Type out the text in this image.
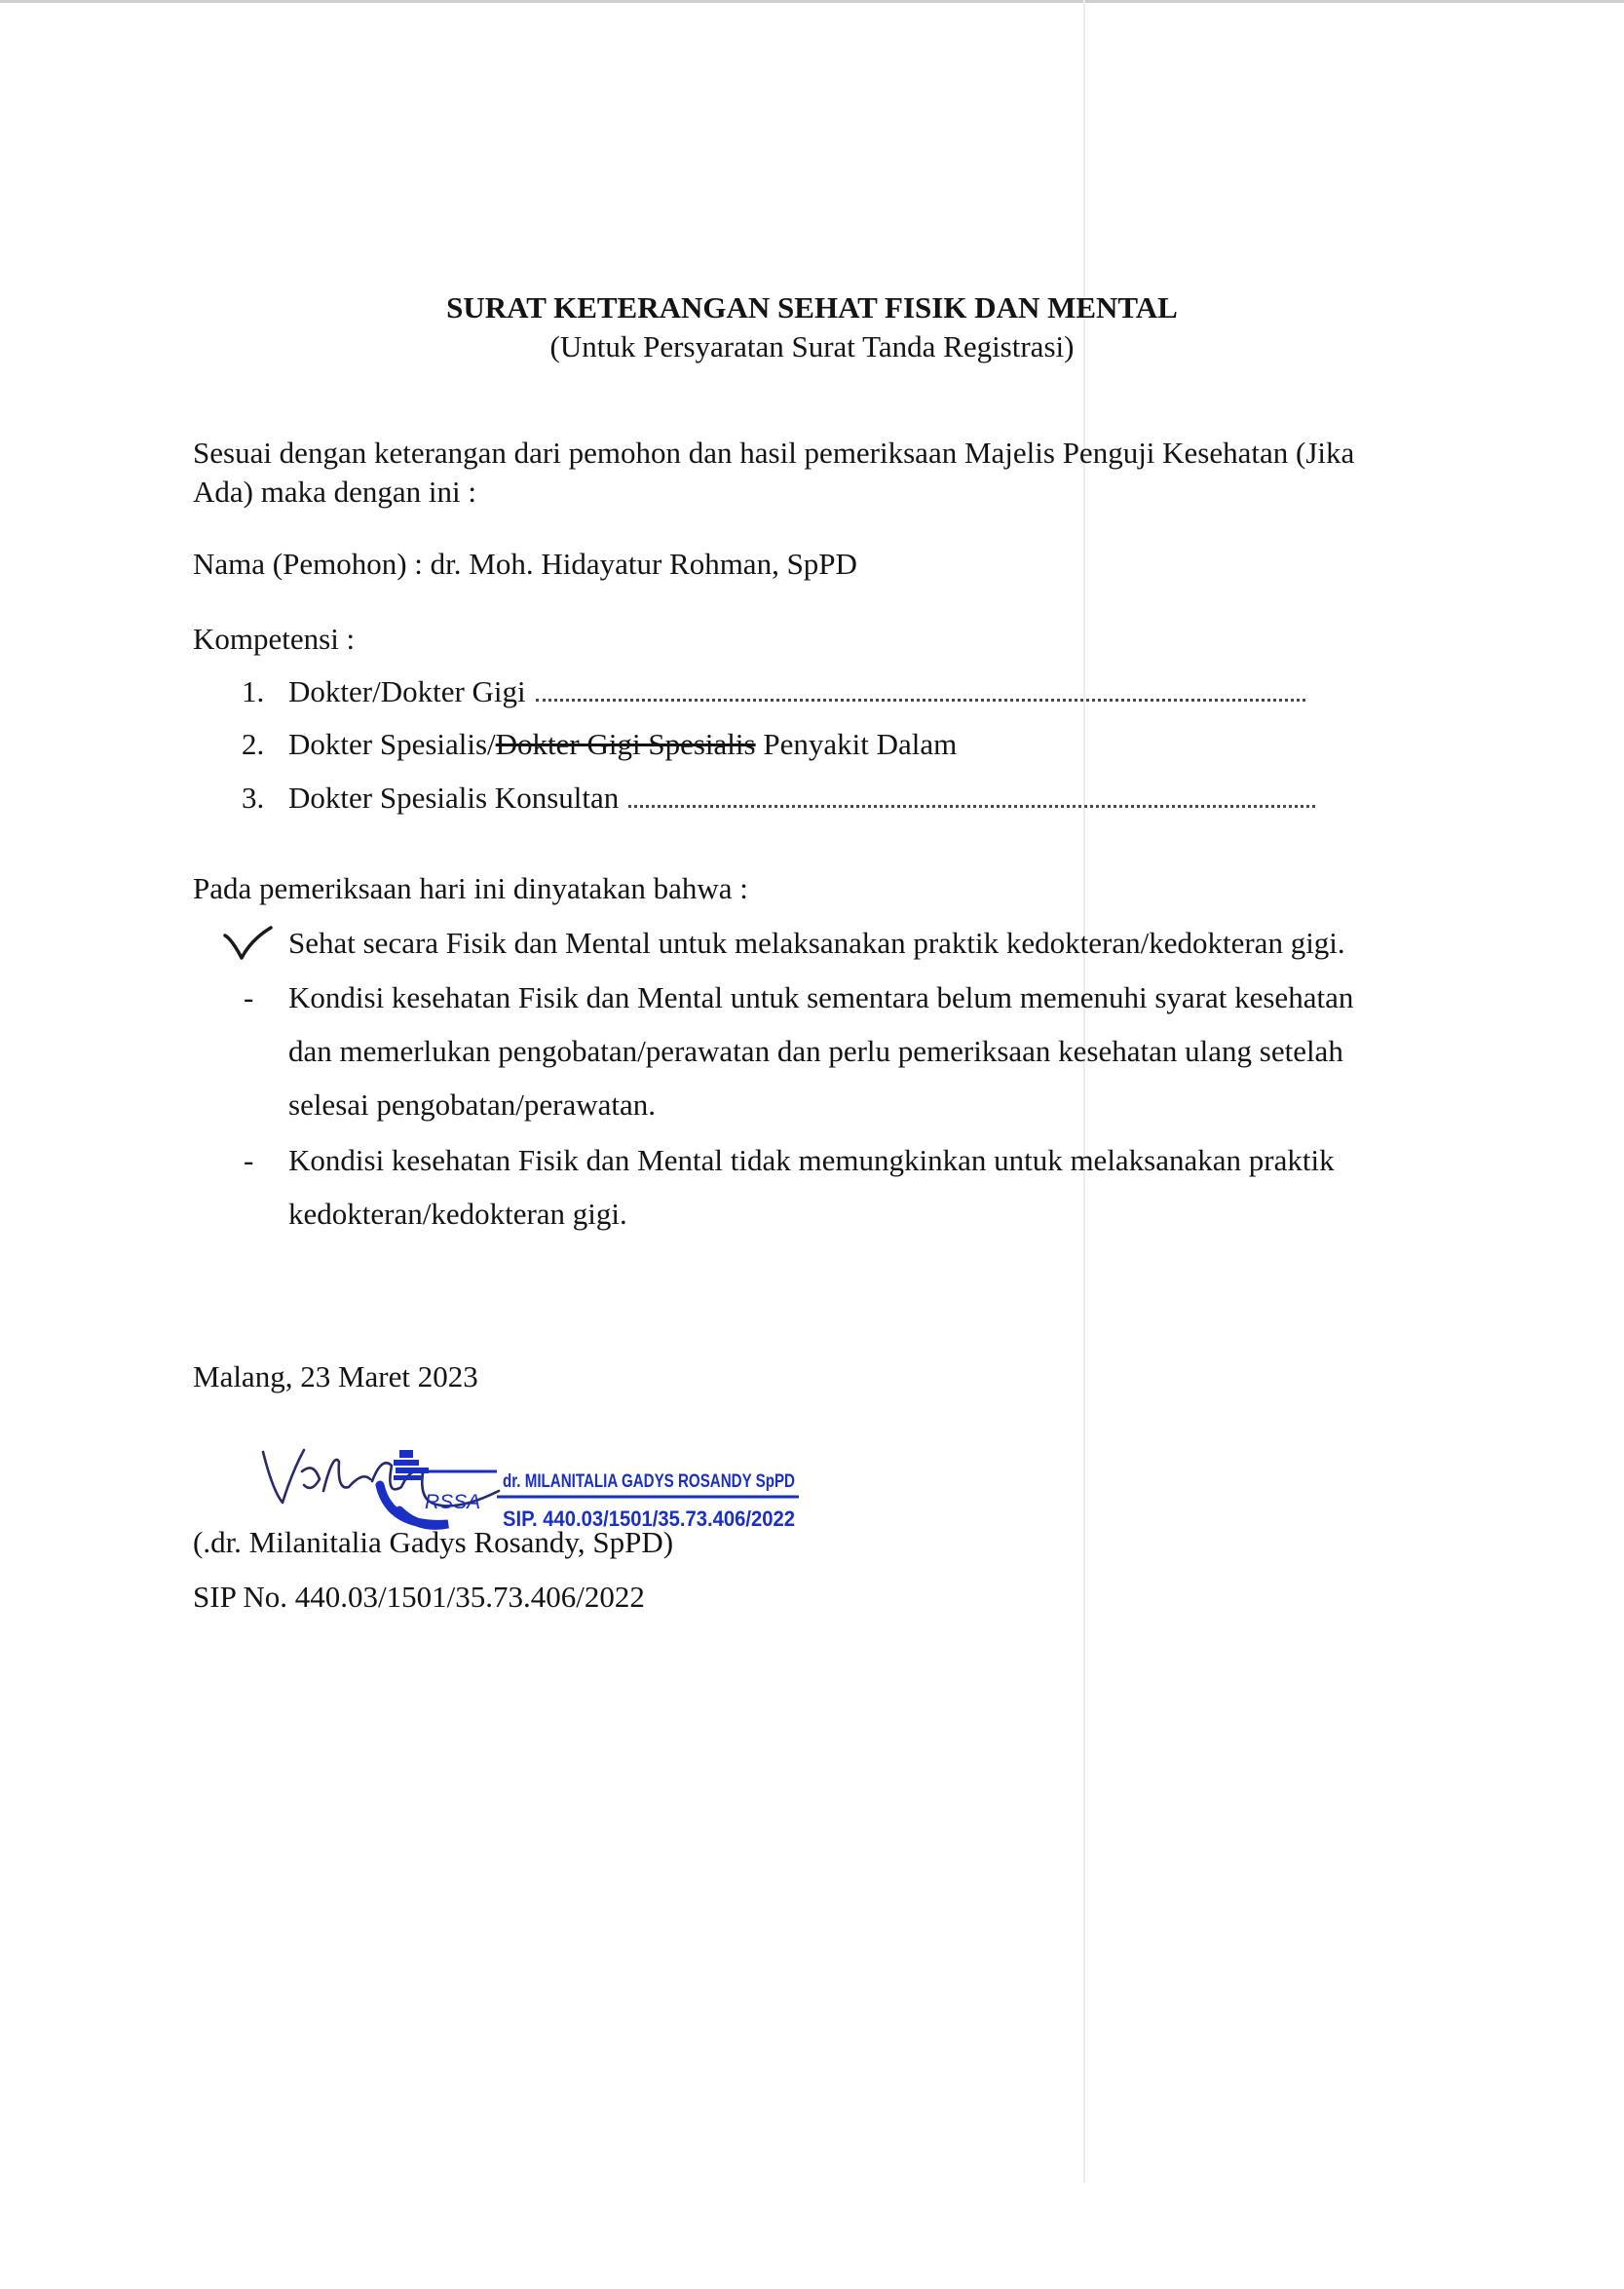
SURAT KETERANGAN SEHAT FISIK DAN MENTAL
(Untuk Persyaratan Surat Tanda Registrasi)
Sesuai dengan keterangan dari pemohon dan hasil pemeriksaan Majelis Penguji Kesehatan (Jika
Ada) maka dengan ini :
Nama (Pemohon) : dr. Moh. Hidayatur Rohman, SpPD
Kompetensi :
1. Dokter/Dokter Gigi
2. Dokter Spesialis/Dokter Gigi Spesialis Penyakit Dalam
3. Dokter Spesialis Konsultan
Pada pemeriksaan hari ini dinyatakan bahwa :
Sehat secara Fisik dan Mental untuk melaksanakan praktik kedokteran/kedokteran gigi.
- Kondisi kesehatan Fisik dan Mental untuk sementara belum memenuhi syarat kesehatan
dan memerlukan pengobatan/perawatan dan perlu pemeriksaan kesehatan ulang setelah
selesai pengobatan/perawatan.
- Kondisi kesehatan Fisik dan Mental tidak memungkinkan untuk melaksanakan praktik
kedokteran/kedokteran gigi.
Malang, 23 Maret 2023
RSSA
dr. MILANITALIA GADYS ROSANDY SpPD
SIP. 440.03/1501/35.73.406/2022
(.dr. Milanitalia Gadys Rosandy, SpPD)
SIP No. 440.03/1501/35.73.406/2022
